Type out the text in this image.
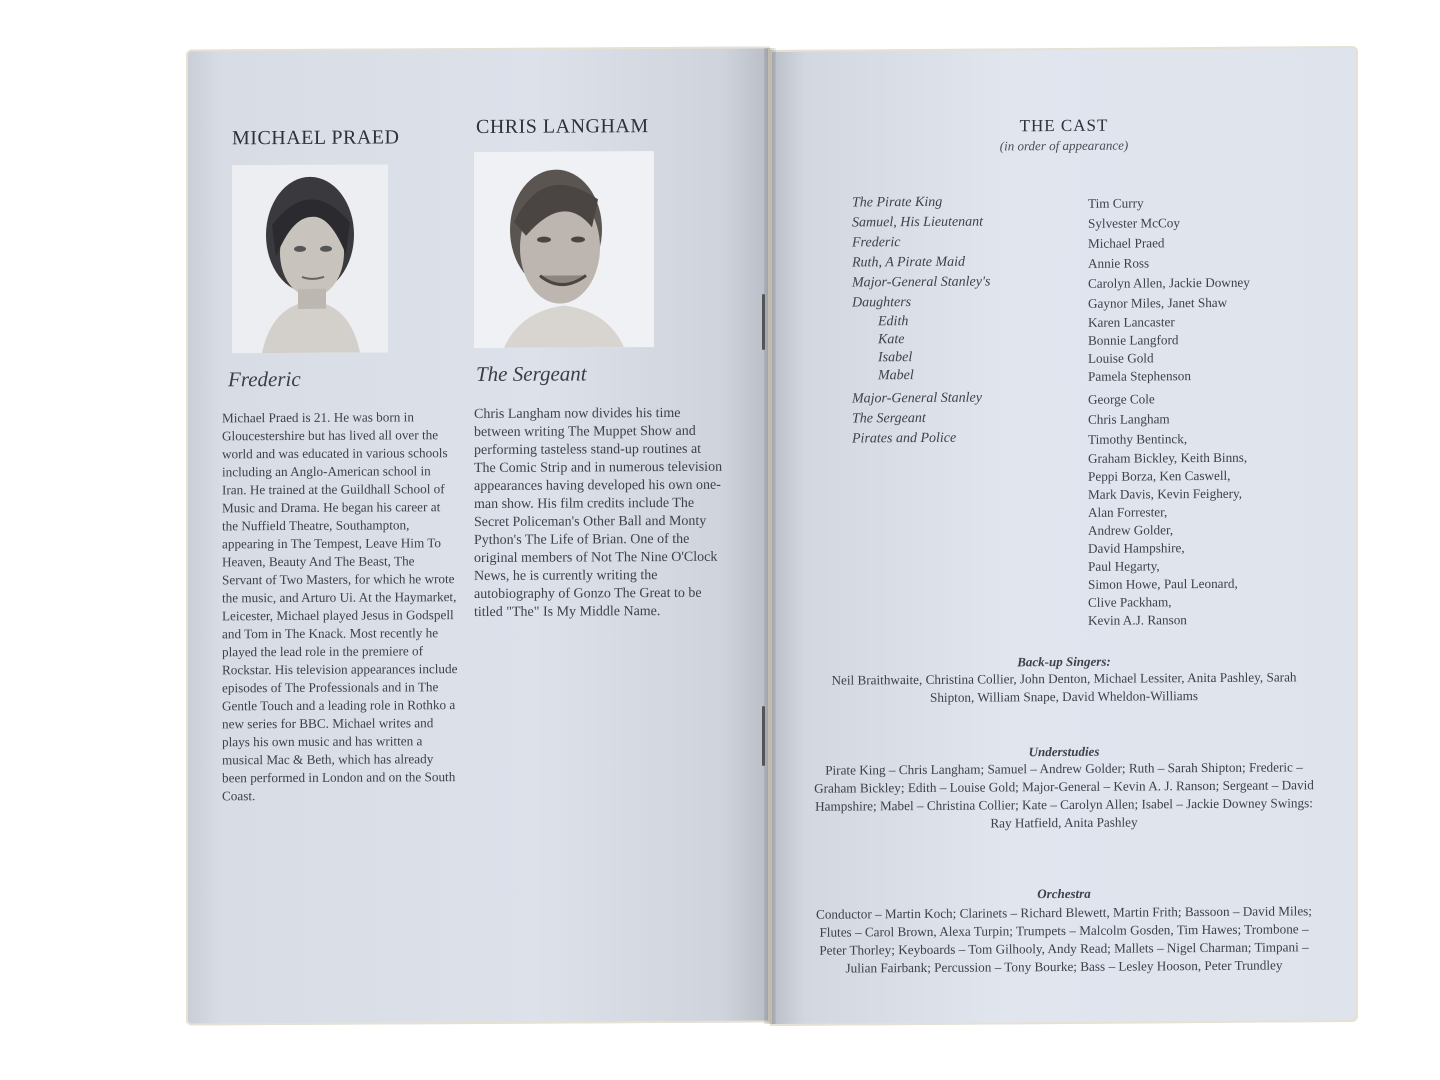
MICHAEL PRAED
Frederic
Michael Praed is 21. He was born in Gloucestershire but has lived all over the world and was educated in various schools including an Anglo-American school in Iran. He trained at the Guildhall School of Music and Drama. He began his career at the Nuffield Theatre, Southampton, appearing in The Tempest, Leave Him To Heaven, Beauty And The Beast, The Servant of Two Masters, for which he wrote the music, and Arturo Ui. At the Haymarket, Leicester, Michael played Jesus in Godspell and Tom in The Knack. Most recently he played the lead role in the premiere of Rockstar. His television appearances include episodes of The Professionals and in The Gentle Touch and a leading role in Rothko a new series for BBC. Michael writes and plays his own music and has written a musical Mac & Beth, which has already been performed in London and on the South Coast.
CHRIS LANGHAM
The Sergeant
Chris Langham now divides his time between writing The Muppet Show and performing tasteless stand-up routines at The Comic Strip and in numerous television appearances having developed his own one-man show. His film credits include The Secret Policeman's Other Ball and Monty Python's The Life of Brian. One of the original members of Not The Nine O'Clock News, he is currently writing the autobiography of Gonzo The Great to be titled "The" Is My Middle Name.
THE CAST
(in order of appearance)
The Pirate King
Samuel, His Lieutenant
Frederic
Ruth, A Pirate Maid
Major-General Stanley's
Daughters
Edith
Kate
Isabel
Mabel
Major-General Stanley
The Sergeant
Pirates and Police
Tim Curry
Sylvester McCoy
Michael Praed
Annie Ross
Carolyn Allen, Jackie Downey
Gaynor Miles, Janet Shaw
Karen Lancaster
Bonnie Langford
Louise Gold
Pamela Stephenson
George Cole
Chris Langham
Timothy Bentinck,
Graham Bickley, Keith Binns,
Peppi Borza, Ken Caswell,
Mark Davis, Kevin Feighery,
Alan Forrester,
Andrew Golder,
David Hampshire,
Paul Hegarty,
Simon Howe, Paul Leonard,
Clive Packham,
Kevin A.J. Ranson
Back-up Singers:
Neil Braithwaite, Christina Collier, John Denton, Michael Lessiter, Anita Pashley, Sarah Shipton, William Snape, David Wheldon-Williams
Understudies
Pirate King – Chris Langham; Samuel – Andrew Golder; Ruth – Sarah Shipton; Frederic – Graham Bickley; Edith – Louise Gold; Major-General – Kevin A. J. Ranson; Sergeant – David Hampshire; Mabel – Christina Collier; Kate – Carolyn Allen; Isabel – Jackie Downey Swings: Ray Hatfield, Anita Pashley
Orchestra
Conductor – Martin Koch; Clarinets – Richard Blewett, Martin Frith; Bassoon – David Miles; Flutes – Carol Brown, Alexa Turpin; Trumpets – Malcolm Gosden, Tim Hawes; Trombone – Peter Thorley; Keyboards – Tom Gilhooly, Andy Read; Mallets – Nigel Charman; Timpani – Julian Fairbank; Percussion – Tony Bourke; Bass – Lesley Hooson, Peter Trundley
